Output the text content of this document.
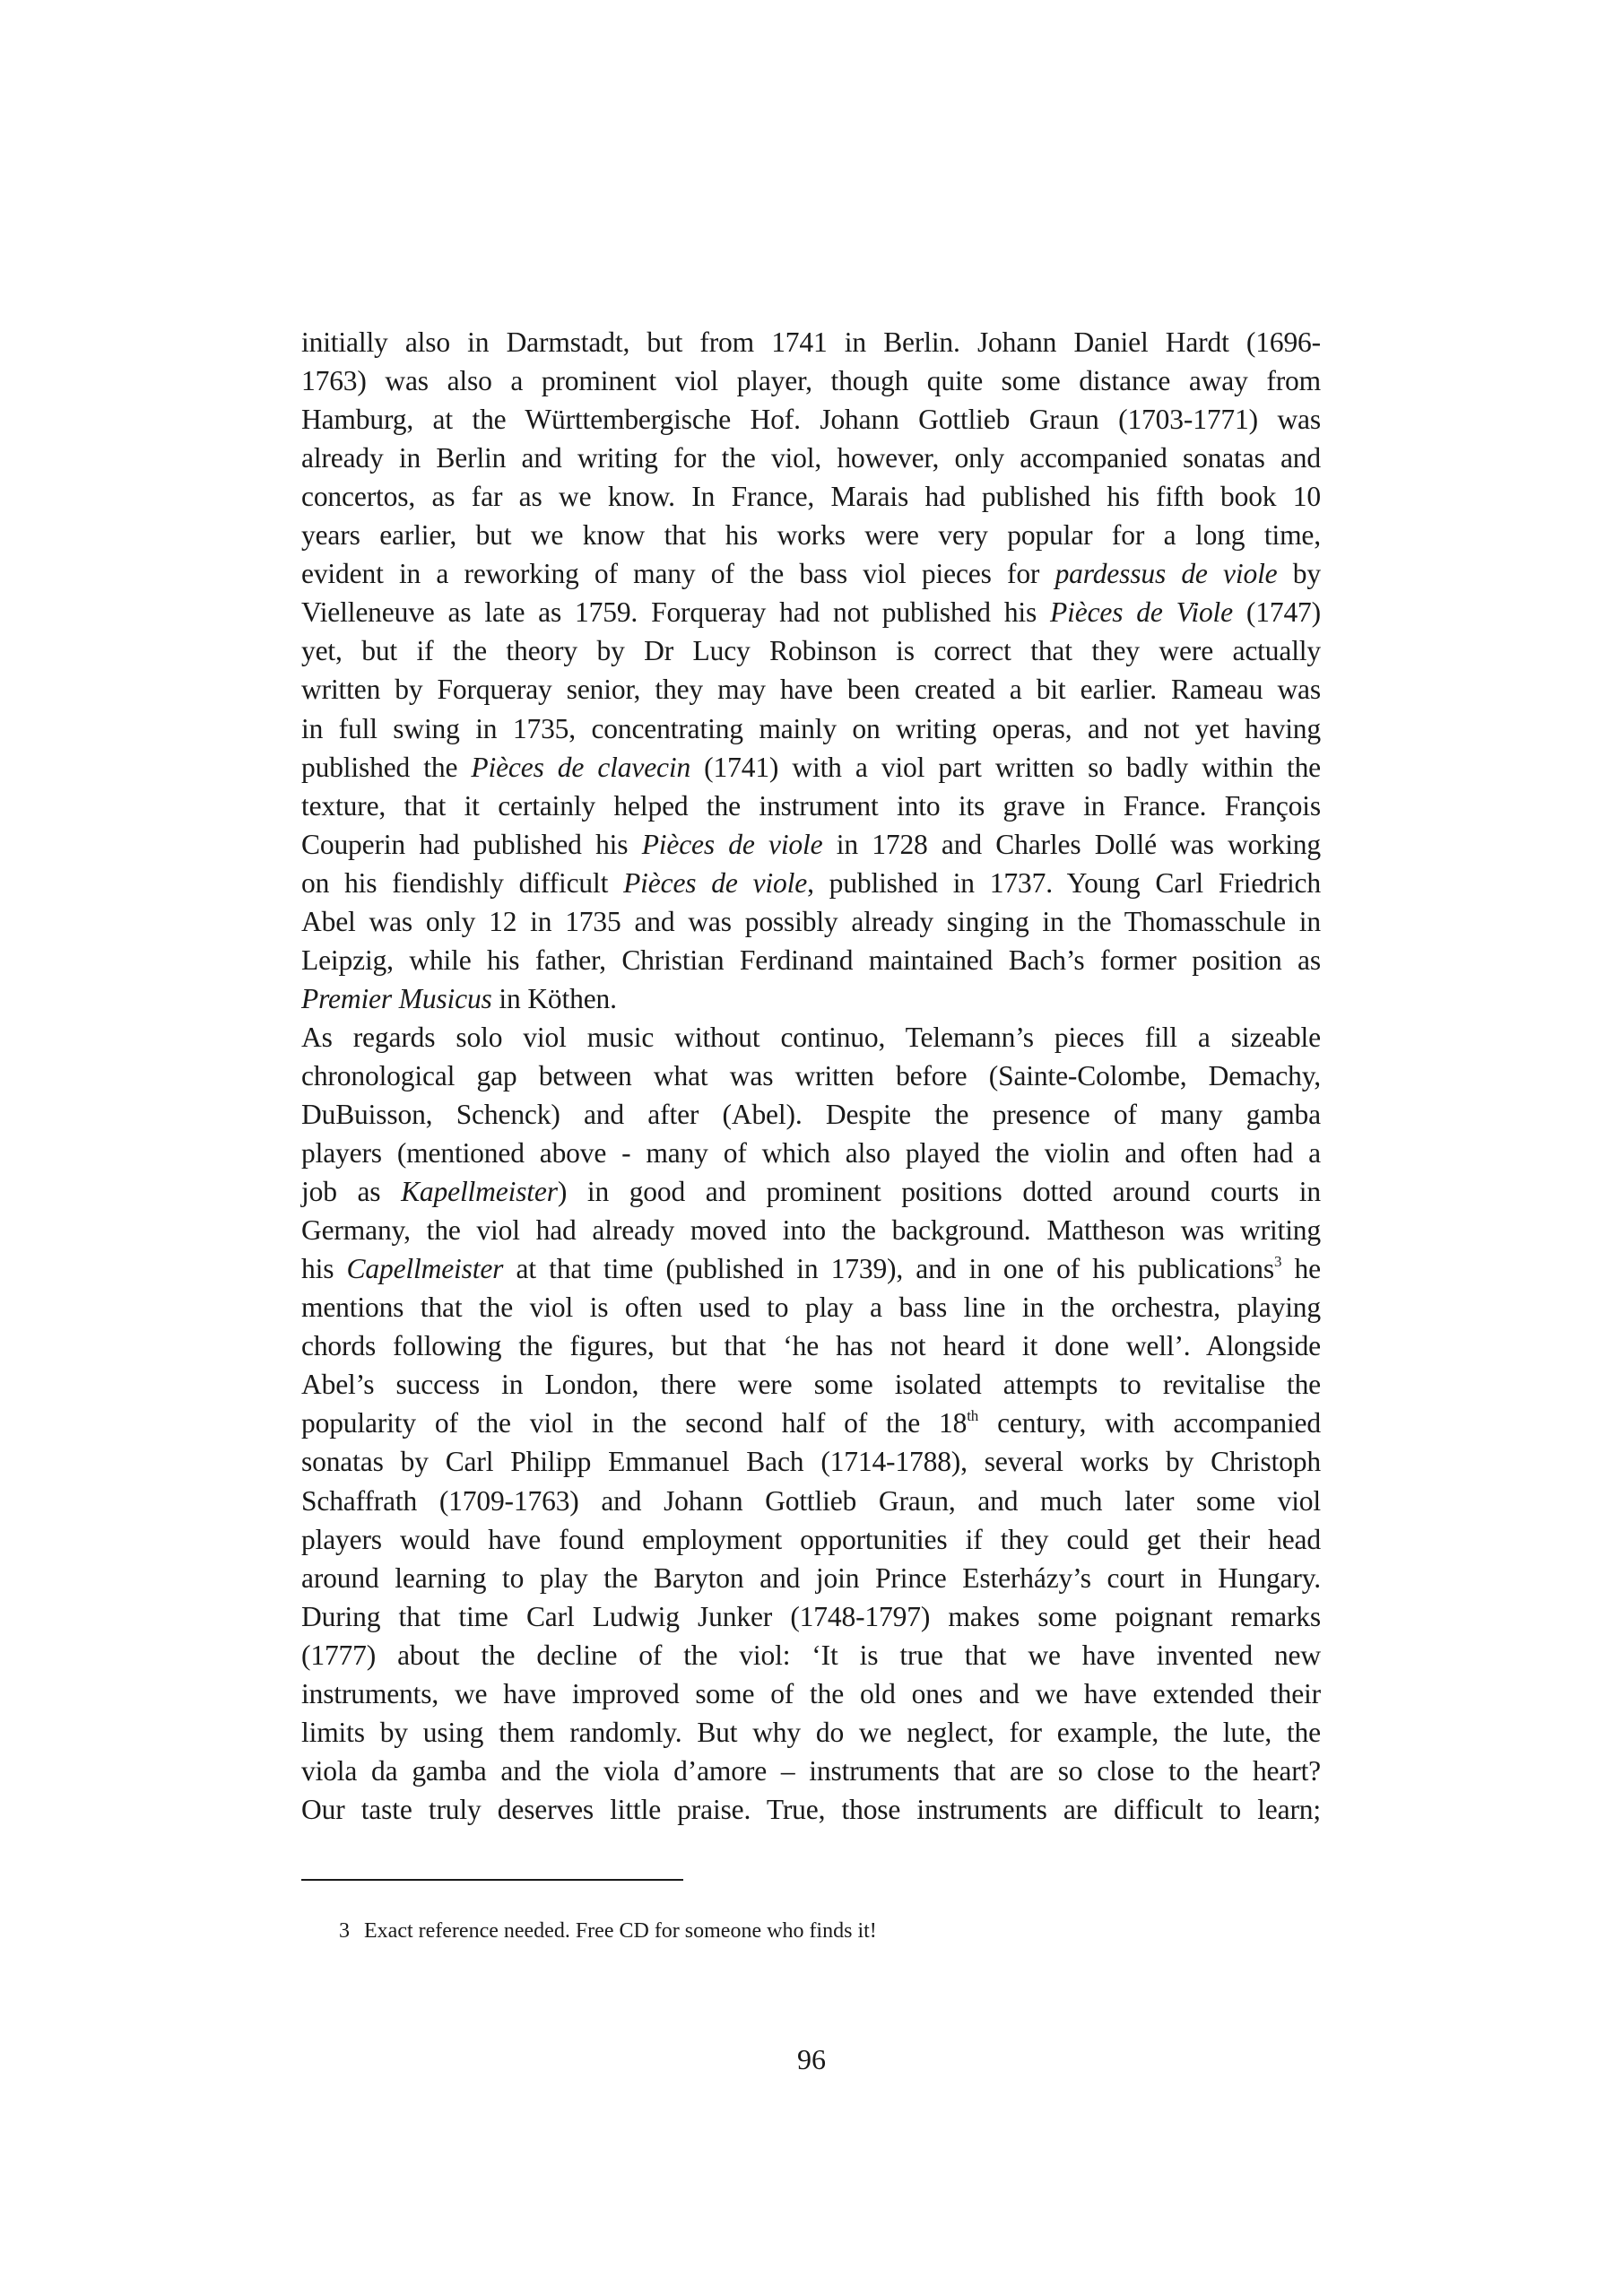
initially also in Darmstadt, but from 1741 in Berlin. Johann Daniel Hardt (1696-
1763) was also a prominent viol player, though quite some distance away from
Hamburg, at the Württembergische Hof. Johann Gottlieb Graun (1703-1771) was
already in Berlin and writing for the viol, however, only accompanied sonatas and
concertos, as far as we know. In France, Marais had published his fifth book 10
years earlier, but we know that his works were very popular for a long time,
evident in a reworking of many of the bass viol pieces for pardessus de viole by
Vielleneuve as late as 1759. Forqueray had not published his Pièces de Viole (1747)
yet, but if the theory by Dr Lucy Robinson is correct that they were actually
written by Forqueray senior, they may have been created a bit earlier. Rameau was
in full swing in 1735, concentrating mainly on writing operas, and not yet having
published the Pièces de clavecin (1741) with a viol part written so badly within the
texture, that it certainly helped the instrument into its grave in France. François
Couperin had published his Pièces de viole in 1728 and Charles Dollé was working
on his fiendishly difficult Pièces de viole, published in 1737. Young Carl Friedrich
Abel was only 12 in 1735 and was possibly already singing in the Thomasschule in
Leipzig, while his father, Christian Ferdinand maintained Bach’s former position as
Premier Musicus in Köthen.
As regards solo viol music without continuo, Telemann’s pieces fill a sizeable
chronological gap between what was written before (Sainte-Colombe, Demachy,
DuBuisson, Schenck) and after (Abel). Despite the presence of many gamba
players (mentioned above - many of which also played the violin and often had a
job as Kapellmeister) in good and prominent positions dotted around courts in
Germany, the viol had already moved into the background. Mattheson was writing
his Capellmeister at that time (published in 1739), and in one of his publications$^3$ he
mentions that the viol is often used to play a bass line in the orchestra, playing
chords following the figures, but that ‘he has not heard it done well’. Alongside
Abel’s success in London, there were some isolated attempts to revitalise the
popularity of the viol in the second half of the 18th century, with accompanied
sonatas by Carl Philipp Emmanuel Bach (1714-1788), several works by Christoph
Schaffrath (1709-1763) and Johann Gottlieb Graun, and much later some viol
players would have found employment opportunities if they could get their head
around learning to play the Baryton and join Prince Esterházy’s court in Hungary.
During that time Carl Ludwig Junker (1748-1797) makes some poignant remarks
(1777) about the decline of the viol: ‘It is true that we have invented new
instruments, we have improved some of the old ones and we have extended their
limits by using them randomly. But why do we neglect, for example, the lute, the
viola da gamba and the viola d’amore – instruments that are so close to the heart?
Our taste truly deserves little praise. True, those instruments are difficult to learn;
3 Exact reference needed. Free CD for someone who finds it!
96
